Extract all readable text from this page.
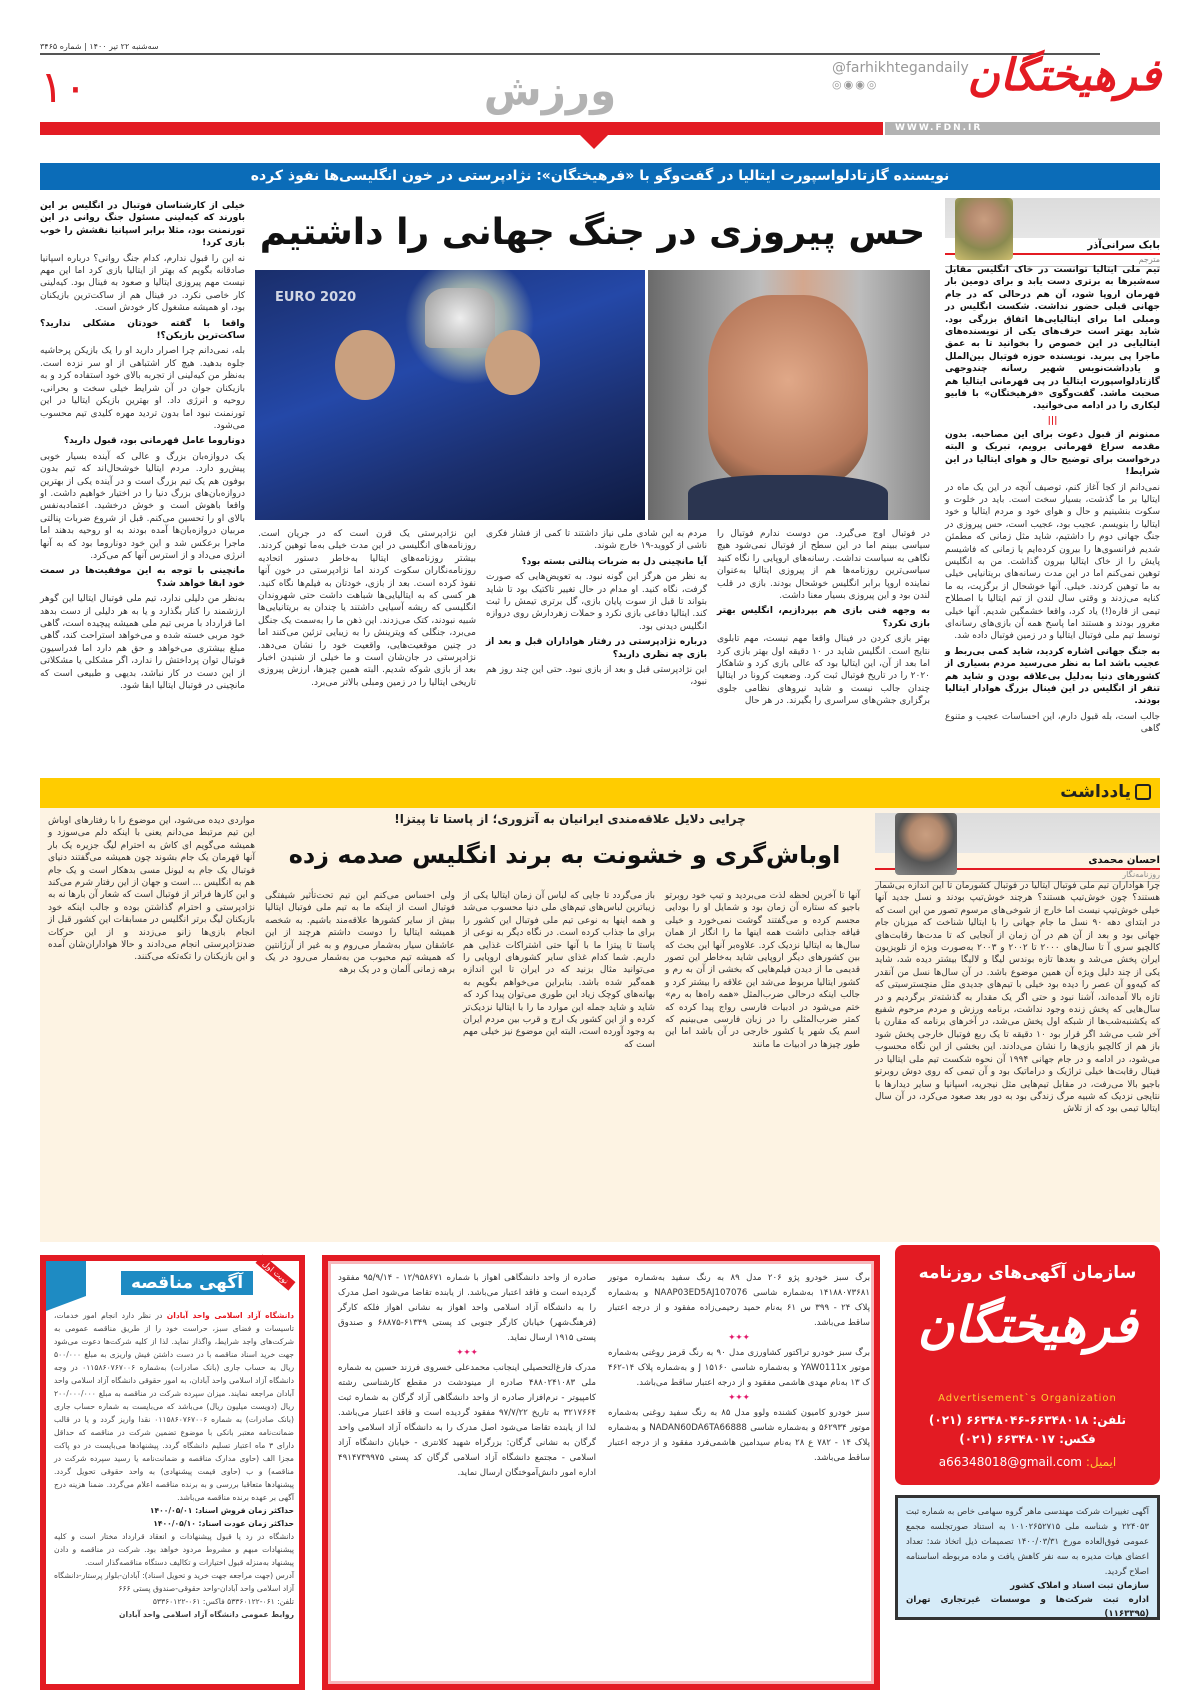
سه‌شنبه ۲۲ تیر ۱۴۰۰ | شماره ۳۴۶۵
فرهیختگان
@farhikhtegandaily
◎◉◉◎
ورزش
۱۰
WWW.FDN.IR
نویسنده گازتادلواسپورت ایتالیا در گفت‌وگو با «فرهیختگان»: نژادپرستی در خون انگلیسی‌ها نفوذ کرده
بابک سرانی‌آذر
مترجم

تیم ملی ایتالیا توانست در خاک انگلیس مقابل سه‌شیرها به برتری دست یابد و برای دومین بار قهرمان اروپا شود، آن هم درحالی که در جام جهانی قبلی حضور نداشت. شکست انگلیس در ومبلی اما برای ایتالیایی‌ها اتفاق بزرگی بود. شاید بهتر است حرف‌های یکی از نویسنده‌های ایتالیایی در این خصوص را بخوانید تا به عمق ماجرا پی ببرید. نویسنده حوزه فوتبال بین‌الملل و یادداشت‌نویس شهیر رسانه چندوجهی گازتادلواسپورت ایتالیا در پی قهرمانی ایتالیا هم صحبت ماشد. گفت‌وگوی «فرهیختگان» با فابیو لیکاری را در ادامه می‌خوانید.

|||

ممنونم از قبول دعوت برای این مصاحبه. بدون مقدمه سراغ قهرمانی برویم، تبریک و البته درخواست برای توضیح حال و هوای ایتالیا در این شرایط!

نمی‌دانم از کجا آغاز کنم، توصیف آنچه در این یک ماه در ایتالیا بر ما گذشت، بسیار سخت است. باید در خلوت و سکوت بنشینیم و حال و هوای خود و مردم ایتالیا و خود ایتالیا را بنویسم. عجیب بود، عجیب است، حس پیروزی در جنگ جهانی دوم را داشتیم، شاید مثل زمانی که مطمئن شدیم فرانسوی‌ها را بیرون کرده‌ایم یا زمانی که فاشیسم پایش را از خاک ایتالیا بیرون گذاشت. من به انگلیس توهین نمی‌کنم اما در این مدت رسانه‌های بریتانیایی خیلی به ما توهین کردند. خیلی. آنها خوشحال از برگزیت، به ما کنایه می‌زدند و وقتی سال لندن از تیم ایتالیا با اصطلاح تیمی از قاره(!) یاد کرد، واقعا خشمگین شدیم. آنها خیلی مغرور بودند و هستند اما پاسخ همه آن بازی‌های رسانه‌ای توسط تیم ملی فوتبال ایتالیا و در زمین فوتبال داده شد.

به جنگ جهانی اشاره کردید، شاید کمی بی‌ربط و عجیب باشد اما به نظر می‌رسید مردم بسیاری از کشورهای دنیا به‌دلیل بی‌علاقه بودن و شاید هم تنفر از انگلیس در این فینال بزرگ هوادار ایتالیا بودند.

جالب است، بله قبول دارم، این احساسات عجیب و متنوع گاهی

حس پیروزی در جنگ جهانی را داشتیم
EURO 2020

در فوتبال اوج می‌گیرد. من دوست ندارم فوتبال را سیاسی ببینم اما در این سطح از فوتبال نمی‌شود هیچ نگاهی به سیاست نداشت. رسانه‌های اروپایی را نگاه کنید سیاسی‌ترین روزنامه‌ها هم از پیروزی ایتالیا به‌عنوان نماینده اروپا برابر انگلیس خوشحال بودند. بازی در قلب لندن بود و این پیروزی بسیار معنا داشت.

به وجهه فنی بازی هم بپردازیم، انگلیس بهتر بازی نکرد؟

بهتر بازی کردن در فینال واقعا مهم نیست، مهم تابلوی نتایج است. انگلیس شاید در ۱۰ دقیقه اول بهتر بازی کرد اما بعد از آن، این ایتالیا بود که عالی بازی کرد و شاهکار ۲۰۲۰ را در تاریخ فوتبال ثبت کرد. وضعیت کرونا در ایتالیا چندان جالب نیست و شاید نیروهای نظامی جلوی برگزاری جشن‌های سراسری را بگیرند. در هر حال

مردم به این شادی ملی نیاز داشتند تا کمی از فشار فکری ناشی از کووید-۱۹ خارج شوند.

آیا مانچینی دل به ضربات پنالتی بسته بود؟

به نظر من هرگز این گونه نبود. به تعویض‌هایی که صورت گرفت، نگاه کنید. او مدام در حال تغییر تاکتیک بود تا شاید بتواند تا قبل از سوت پایان بازی، گل برتری تیمش را ثبت کند. ایتالیا دفاعی بازی نکرد و حملات زهردارش روی دروازه انگلیس دیدنی بود.

درباره نژادپرستی در رفتار هواداران قبل و بعد از بازی چه نظری دارید؟

این نژادپرستی قبل و بعد از بازی نبود. حتی این چند روز هم نبود،

این نژادپرستی یک قرن است که در جریان است. روزنامه‌های انگلیسی در این مدت خیلی به‌ما توهین کردند. بیشتر روزنامه‌های ایتالیا به‌خاطر دستور اتحادیه روزنامه‌نگاران سکوت کردند اما نژادپرستی در خون آنها نفوذ کرده است. بعد از بازی، خودتان به فیلم‌ها نگاه کنید. هر کسی که به ایتالیایی‌ها شباهت داشت حتی شهروندان انگلیسی که ریشه آسیایی داشتند یا چندان به بریتانیایی‌ها شبیه نبودند، کتک می‌زدند. این ذهن ما را به‌سمت یک جنگل می‌برد، جنگلی که ویترینش را به زیبایی تزئین می‌کنند اما در چنین موقعیت‌هایی، واقعیت خود را نشان می‌دهد. نژادپرستی در جان‌شان است و ما خیلی از شنیدن اخبار بعد از بازی شوکه شدیم. البته همین چیزها، ارزش پیروزی تاریخی ایتالیا را در زمین ومبلی بالاتر می‌برد.

خیلی از کارشناسان فوتبال در انگلیس بر این باورند که کیه‌لینی مسئول جنگ روانی در این تورنمنت بود، مثلا برابر اسپانیا نقشش را خوب بازی کرد!

نه این را قبول ندارم، کدام جنگ روانی؟ درباره اسپانیا صادقانه بگویم که بهتر از ایتالیا بازی کرد اما این مهم نیست مهم پیروزی ایتالیا و صعود به فینال بود. کیه‌لینی کار خاصی نکرد. در فینال هم از ساکت‌ترین بازیکنان بود، او همیشه مشغول کار خودش است.

واقعا با گفته خودتان مشکلی ندارید؟ ساکت‌ترین بازیکن؟!

بله، نمی‌دانم چرا اصرار دارید او را یک بازیکن پرحاشیه جلوه بدهید. هیچ کار اشتباهی از او سر نزده است. به‌نظر من کیه‌لینی از تجربه بالای خود استفاده کرد و به بازیکنان جوان در آن شرایط خیلی سخت و بحرانی، روحیه و انرژی داد. او بهترین بازیکن ایتالیا در این تورنمنت نبود اما بدون تردید مهره کلیدی تیم محسوب می‌شود.

دوناروما عامل قهرمانی بود، قبول دارید؟

یک دروازه‌بان بزرگ و عالی که آینده بسیار خوبی پیش‌رو دارد. مردم ایتالیا خوشحال‌اند که تیم بدون بوفون هم یک تیم بزرگ است و در آینده یکی از بهترین دروازه‌بان‌های بزرگ دنیا را در اختیار خواهیم داشت. او واقعا باهوش است و خوش درخشید. اعتمادبه‌نفس بالای او را تحسین می‌کنم. قبل از شروع ضربات پنالتی مربیان دروازه‌بان‌ها آمده بودند به او روحیه بدهند اما ماجرا برعکس شد و این خود دوناروما بود که به آنها انرژی می‌داد و از استرس آنها کم می‌کرد.

مانچینی با توجه به این موفقیت‌ها در سمت خود ابقا خواهد شد؟

به‌نظر من دلیلی ندارد، تیم ملی فوتبال ایتالیا این گوهر ارزشمند را کنار بگذارد و یا به هر دلیلی از دست بدهد اما قرارداد با مربی تیم ملی همیشه پیچیده است، گاهی خود مربی خسته شده و می‌خواهد استراحت کند، گاهی مبلغ بیشتری می‌خواهد و حق هم دارد اما فدراسیون فوتبال توان پرداختش را ندارد، اگر مشکلی یا مشکلاتی از این دست در کار نباشد، بدیهی و طبیعی است که مانچینی در فوتبال ایتالیا ابقا شود.

یادداشت
احسان محمدی
روزنامه‌نگار
چرایی دلایل علاقه‌مندی ایرانیان به آتزوری؛ از پاستا تا پیتزا!
اوباش‌گری و خشونت به برند انگلیس صدمه زده
چرا هواداران تیم ملی فوتبال ایتالیا در فوتبال کشورمان تا این اندازه بی‌شمار هستند؟ چون خوش‌تیپ هستند؟ هرچند خوش‌تیپ بودند و نسل جدید آنها خیلی خوش‌تیپ نیست اما خارج از شوخی‌های مرسوم تصور من این است که در ابتدای دهه ۹۰ نسل ما جام جهانی را با ایتالیا شناخت که میزبان جام جهانی بود و بعد از آن هم در آن زمان از آنجایی که تا مدت‌ها رقابت‌های کالچیو سری آ تا سال‌های ۲۰۰۰ تا ۲۰۰۲ و ۲۰۰۳ به‌صورت ویژه از تلویزیون ایران پخش می‌شد و بعدها تازه بوندس لیگا و لالیگا بیشتر دیده شد، شاید یکی از چند دلیل ویژه آن همین موضوع باشد. در آن سال‌ها نسل من آنقدر که کیه‌وو آن عصر را دیده بود خیلی با تیم‌های جدیدی مثل منچسترسیتی که تازه بالا آمده‌اند، آشنا نبود و حتی اگر یک مقدار به گذشته‌تر برگردیم و در سال‌هایی که پخش زنده وجود نداشت، برنامه ورزش و مردم مرحوم شفیع که یکشنبه‌شب‌ها از شبکه اول پخش می‌شد، در آخرهای برنامه که مقارن با آخر شب می‌شد اگر قرار بود ۱۰ دقیقه تا یک ربع فوتبال خارجی پخش شود باز هم از کالچیو بازی‌ها را نشان می‌دادند. این بخشی از این نگاه محسوب می‌شود، در ادامه و در جام جهانی ۱۹۹۴ آن نحوه شکست تیم ملی ایتالیا در فینال رقابت‌ها خیلی تراژیک و دراماتیک بود و آن تیمی که روی دوش روبرتو باجیو بالا می‌رفت، در مقابل تیم‌هایی مثل نیجریه، اسپانیا و سایر دیدارها با نتایجی نزدیک که شبیه مرگ زندگی بود به دور بعد صعود می‌کرد، در آن سال ایتالیا تیمی بود که از تلاش
آنها تا آخرین لحظه لذت می‌بردید و تیپ خود روبرتو باجیو که ستاره آن زمان بود و شمایل او را بودایی مجسم کرده و می‌گفتند گوشت نمی‌خورد و خیلی قیافه جذابی داشت همه اینها ما را انگار از همان سال‌ها به ایتالیا نزدیک کرد. علاوه‌بر آنها این بحث که بین کشورهای دیگر اروپایی شاید به‌خاطر این تصور قدیمی ما از دیدن فیلم‌هایی که بخشی از آن به رم و کشور ایتالیا مربوط می‌شد این علاقه را بیشتر کرد و جالب اینکه درحالی ضرب‌المثل «همه راه‌ها به رم» ختم می‌شود در ادبیات فارسی رواج پیدا کرده که کمتر ضرب‌المثلی را در زبان فارسی می‌بینیم که اسم یک شهر یا کشور خارجی در آن باشد اما این طور چیزها در ادبیات ما مانند
باز می‌گردد تا جایی که لباس آن زمان ایتالیا یکی از زیباترین لباس‌های تیم‌های ملی دنیا محسوب می‌شد و همه اینها به نوعی تیم ملی فوتبال این کشور را برای ما جذاب کرده است. در نگاه دیگر به نوعی از پاستا تا پیتزا ما با آنها حتی اشتراکات غذایی هم داریم. شما کدام غذای سایر کشورهای اروپایی را می‌توانید مثال بزنید که در ایران تا این اندازه همه‌گیر شده باشد. بنابراین می‌خواهم بگویم به بهانه‌های کوچک زیاد این طوری می‌توان پیدا کرد که شاید و شاید جمله این موارد ما را با ایتالیا نزدیک‌تر کرده و از این کشور یک ارج و قرب بین مردم ایران به وجود آورده است، البته این موضوع نیز خیلی مهم است که
ولی احساس می‌کنم این تیم تحت‌تأثیر شیفتگی فوتبال است از اینکه ما به تیم ملی فوتبال ایتالیا بیش از سایر کشورها علاقه‌مند باشیم. به شخصه همیشه ایتالیا را دوست داشتم هرچند از این عاشقان سیار به‌شمار می‌روم و به غیر از آرژانتین که همیشه تیم محبوب من به‌شمار می‌رود در یک برهه زمانی آلمان و در یک برهه
مواردی دیده می‌شود، این موضوع را با رفتارهای اوباش این تیم مرتبط می‌دانم یعنی با اینکه دلم می‌سوزد و همیشه می‌گویم ای کاش به احترام لیگ جزیره یک بار آنها قهرمان یک جام بشوند چون همیشه می‌گفتند دنیای فوتبال یک جام به لیونل مسی بدهکار است و یک جام هم به انگلیس ... است و جهان از این رفتار شرم می‌کند و این کارها فراتر از فوتبال است که شعار آن بارها نه به نژادپرستی و احترام گذاشتن بوده و جالب اینکه خود بازیکنان لیگ برتر انگلیس در مسابقات این کشور قبل از انجام بازی‌ها زانو می‌زدند و از این حرکات ضدنژادپرستی انجام می‌دادند و حالا هواداران‌شان آمده و این بازیکنان را تکه‌تکه می‌کنند.
نوبت اول
آگهی مناقصه
دانشگاه آزاد اسلامی واحد آبادان در نظر دارد انجام امور خدمات، تاسیسات و فضای سبز، حراست خود را از طریق مناقصه عمومی به شرکت‌های واجد شرایط، واگذار نماید. لذا از کلیه شرکت‌ها دعوت می‌شود جهت خرید اسناد مناقصه با در دست داشتن فیش واریزی به مبلغ ۵۰۰/۰۰۰ ریال به حساب جاری (بانک صادرات) به‌شماره ۰۱۱۵۸۶۰۷۶۷۰۰۶ در وجه دانشگاه آزاد اسلامی واحد آبادان، به امور حقوقی دانشگاه آزاد اسلامی واحد آبادان مراجعه نمایند. میزان سپرده شرکت در مناقصه به مبلغ ۲۰۰/۰۰۰/۰۰۰ ریال (دویست میلیون ریال) می‌باشد که می‌بایست به شماره حساب جاری (بانک صادرات) به شماره ۰۱۱۵۸۶۰۷۶۷۰۰۶ نقدا واریز گردد و یا در قالب ضمانت‌نامه معتبر بانکی با موضوع تضمین شرکت در مناقصه که حداقل دارای ۳ ماه اعتبار تسلیم دانشگاه گردد. پیشنهادها می‌بایست در دو پاکت مجزا الف (حاوی مدارک مناقصه و ضمانت‌نامه یا رسید سپرده شرکت در مناقصه) و ب (حاوی قیمت پیشنهادی) به واحد حقوقی تحویل گردد. پیشنهادها متعاقبا بررسی و به برنده مناقصه اعلام می‌گردد. ضمنا هزینه درج آگهی بر عهده برنده مناقصه می‌باشد.
حداکثر زمان فروش اسناد: ۱۴۰۰/۰۵/۰۱
حداکثر زمان عودت اسناد: ۱۴۰۰/۰۵/۱۰
دانشگاه در رد یا قبول پیشنهادات و انعقاد قرارداد مختار است و کلیه پیشنهادات مبهم و مشروط مردود خواهد بود. شرکت در مناقصه و دادن پیشنهاد به‌منزله قبول اختیارات و تکالیف دستگاه مناقصه‌گذار است.
آدرس (جهت مراجعه جهت خرید و تحویل اسناد): آبادان-بلوار پرستار-دانشگاه آزاد اسلامی واحد آبادان-واحد حقوقی-صندوق پستی ۶۶۶
تلفن: ۰۶۱-۵۳۳۶۰۱۲۲ فاکس: ۰۶۱-۵۳۳۶۰۱۲۲
روابط عمومی دانشگاه آزاد اسلامی واحد آبادان

برگ سبز خودرو پژو ۲۰۶ مدل ۸۹ به رنگ سفید به‌شماره موتور ۱۴۱۸۸۰۷۳۶۸۱ به‌شماره شاسی NAAP03ED5AJ107076 و به‌شماره پلاک ۲۴ - ۳۹۹ س ۶۱ به‌نام حمید رحیمی‌زاده مفقود و از درجه اعتبار ساقط می‌باشد.

✦✦✦

برگ سبز خودرو تراکتور کشاورزی مدل ۹۰ به رنگ قرمز روغنی به‌شماره موتور YAW0111x و به‌شماره شاسی ۱۵۱۶۰ J و به‌شماره پلاک ۱۴-۴۶۲ ک ۱۳ به‌نام مهدی هاشمی مفقود و از درجه اعتبار ساقط می‌باشد.

✦✦✦

سبز خودرو کامیون کشنده ولوو مدل ۸۵ به رنگ سفید روغنی به‌شماره موتور ۵۶۲۹۳۴ و به‌شماره شاسی NADAN60DA6TA66888 و به‌شماره پلاک ۱۴ - ۷۸۲ ع ۲۸ به‌نام سیدامین هاشمی‌فرد مفقود و از درجه اعتبار ساقط می‌باشد.

صادره از واحد دانشگاهی اهواز با شماره ۱۲/۹۵۸۶۷۱ - ۹۵/۹/۱۴ مفقود گردیده است و فاقد اعتبار می‌باشد. از یابنده تقاضا می‌شود اصل مدرک را به دانشگاه آزاد اسلامی واحد اهواز به نشانی اهواز فلکه کارگر (فرهنگ‌شهر) خیابان کارگر جنوبی کد پستی ۶۱۳۴۹-۶۸۸۷۵ و صندوق پستی ۱۹۱۵ ارسال نماید.

✦✦✦

مدرک فارغ‌التحصیلی اینجانب محمدعلی خسروی فرزند حسین به شماره ملی ۴۸۸۰۲۴۱۰۸۳ صادره از مینودشت در مقطع کارشناسی رشته کامپیوتر - نرم‌افزار صادره از واحد دانشگاهی آزاد گرگان به شماره ثبت ۳۲۱۷۶۶۴ به تاریخ ۹۷/۷/۲۲ مفقود گردیده است و فاقد اعتبار می‌باشد. لذا از یابنده تقاضا می‌شود اصل مدرک را به دانشگاه آزاد اسلامی واحد گرگان به نشانی گرگان: بزرگراه شهید کلانتری - خیابان دانشگاه آزاد اسلامی - مجتمع دانشگاه آزاد اسلامی گرگان کد پستی ۴۹۱۴۷۳۹۹۷۵ اداره امور دانش‌آموختگان ارسال نماید.

سازمان آگهی‌های روزنامه
فرهیختگان
Advertisement`s Organization
تلفن: ۶۶۳۴۸۰۱۸-۶۶۳۴۸۰۴۶ (۰۲۱)
فکس: ۶۶۳۴۸۰۱۷ (۰۲۱)
ایمیل: a66348018@gmail.com
آگهی تغییرات شرکت مهندسی ماهر گروه سهامی خاص به شماره ثبت ۲۲۴۰۵۳ و شناسه ملی ۱۰۱۰۲۶۵۲۷۱۵ به استناد صورتجلسه مجمع عمومی فوق‌العاده مورخ ۱۴۰۰/۰۳/۳۱ تصمیمات ذیل اتخاذ شد: تعداد اعضای هیات مدیره به سه نفر کاهش یافت و ماده مربوطه اساسنامه اصلاح گردید.
سازمان ثبت اسناد و املاک کشور
اداره ثبت شرکت‌ها و موسسات غیرتجاری تهران (۱۱۶۳۳۹۵)
